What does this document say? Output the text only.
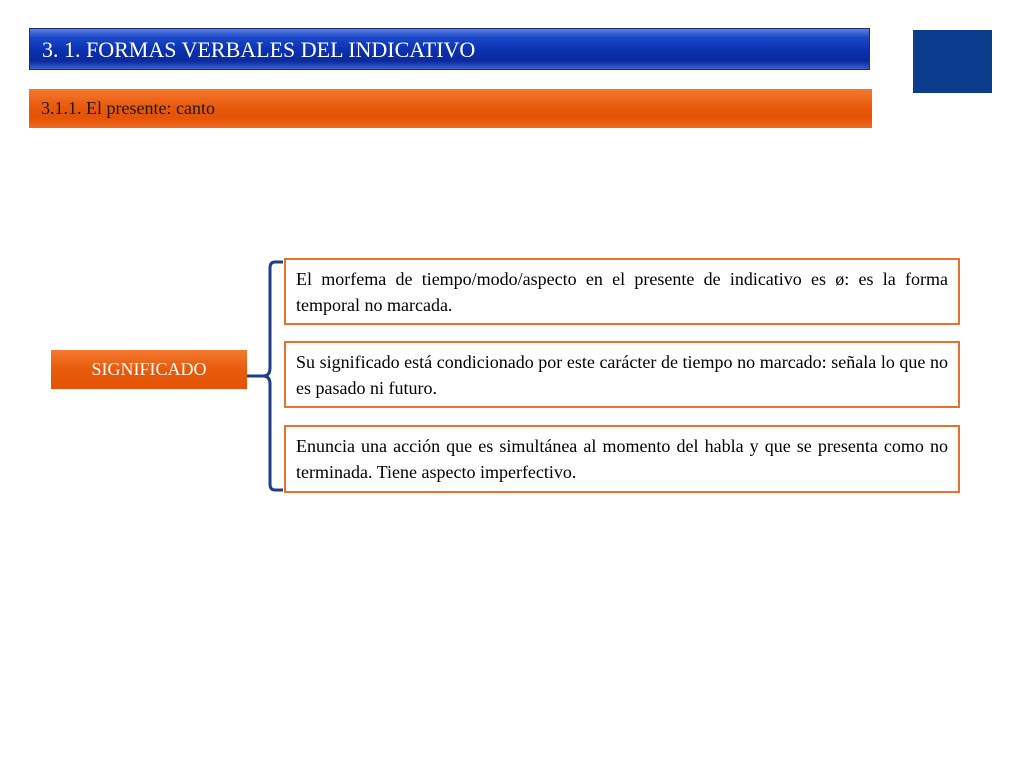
3. 1. FORMAS VERBALES DEL INDICATIVO
3.1.1. El presente: canto
SIGNIFICADO
El morfema de tiempo/modo/aspecto en el presente de indicativo es ø: es la forma temporal no marcada.
Su significado está condicionado por este carácter de tiempo no marcado: señala lo que no es pasado ni futuro.
Enuncia una acción que es simultánea al momento del habla y que se presenta como no terminada. Tiene aspecto imperfectivo.
